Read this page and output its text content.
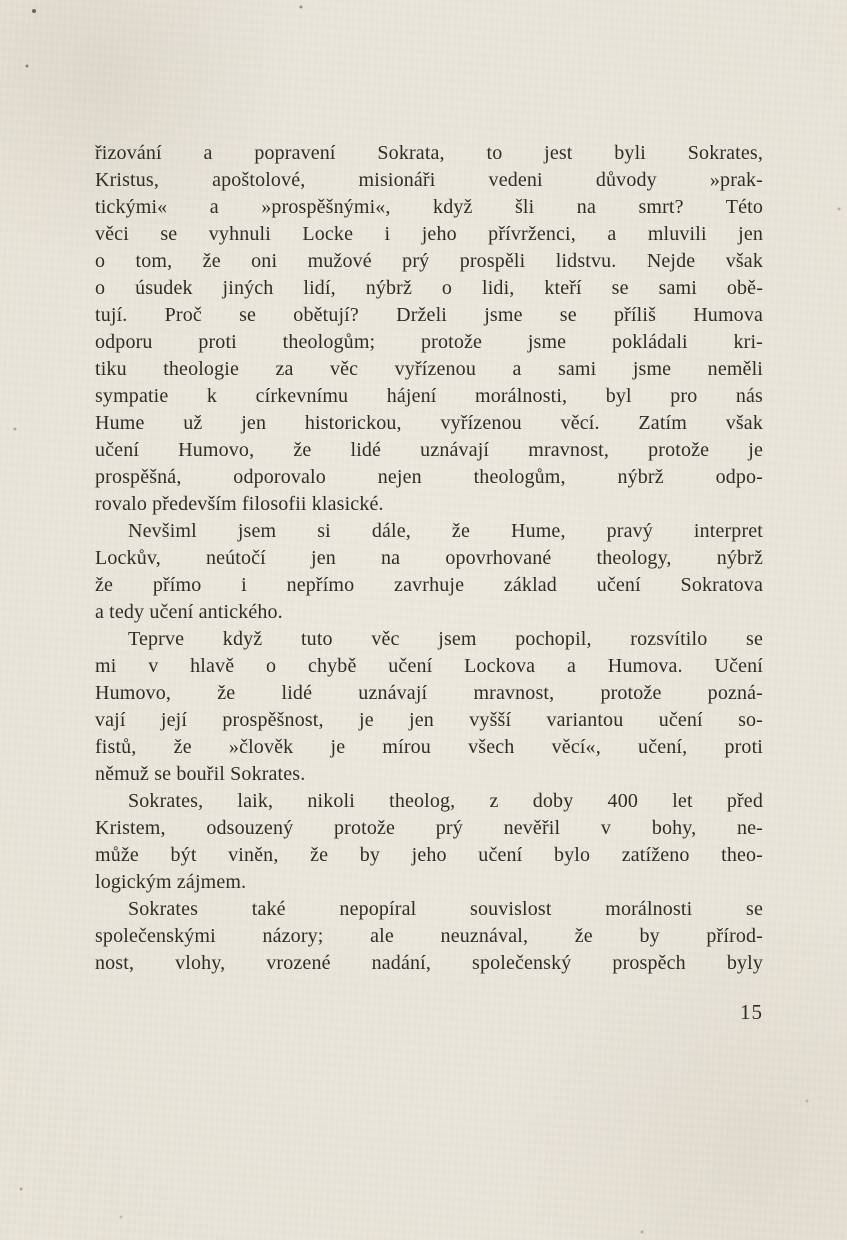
řizování a popravení Sokrata, to jest byli Sokrates,
Kristus, apoštolové, misionáři vedeni důvody »prak-
tickými« a »prospěšnými«, když šli na smrt? Této
věci se vyhnuli Locke i jeho přívrženci, a mluvili jen
o tom, že oni mužové prý prospěli lidstvu. Nejde však
o úsudek jiných lidí, nýbrž o lidi, kteří se sami obě-
tují. Proč se obětují? Drželi jsme se příliš Humova
odporu proti theologům; protože jsme pokládali kri-
tiku theologie za věc vyřízenou a sami jsme neměli
sympatie k církevnímu hájení morálnosti, byl pro nás
Hume už jen historickou, vyřízenou věcí. Zatím však
učení Humovo, že lidé uznávají mravnost, protože je
prospěšná, odporovalo nejen theologům, nýbrž odpo-
rovalo především filosofii klasické.
Nevšiml jsem si dále, že Hume, pravý interpret
Lockův, neútočí jen na opovrhované theology, nýbrž
že přímo i nepřímo zavrhuje základ učení Sokratova
a tedy učení antického.
Teprve když tuto věc jsem pochopil, rozsvítilo se
mi v hlavě o chybě učení Lockova a Humova. Učení
Humovo, že lidé uznávají mravnost, protože pozná-
vají její prospěšnost, je jen vyšší variantou učení so-
fistů, že »člověk je mírou všech věcí«, učení, proti
němuž se bouřil Sokrates.
Sokrates, laik, nikoli theolog, z doby 400 let před
Kristem, odsouzený protože prý nevěřil v bohy, ne-
může být viněn, že by jeho učení bylo zatíženo theo-
logickým zájmem.
Sokrates také nepopíral souvislost morálnosti se
společenskými názory; ale neuznával, že by přírod-
nost, vlohy, vrozené nadání, společenský prospěch byly
15
